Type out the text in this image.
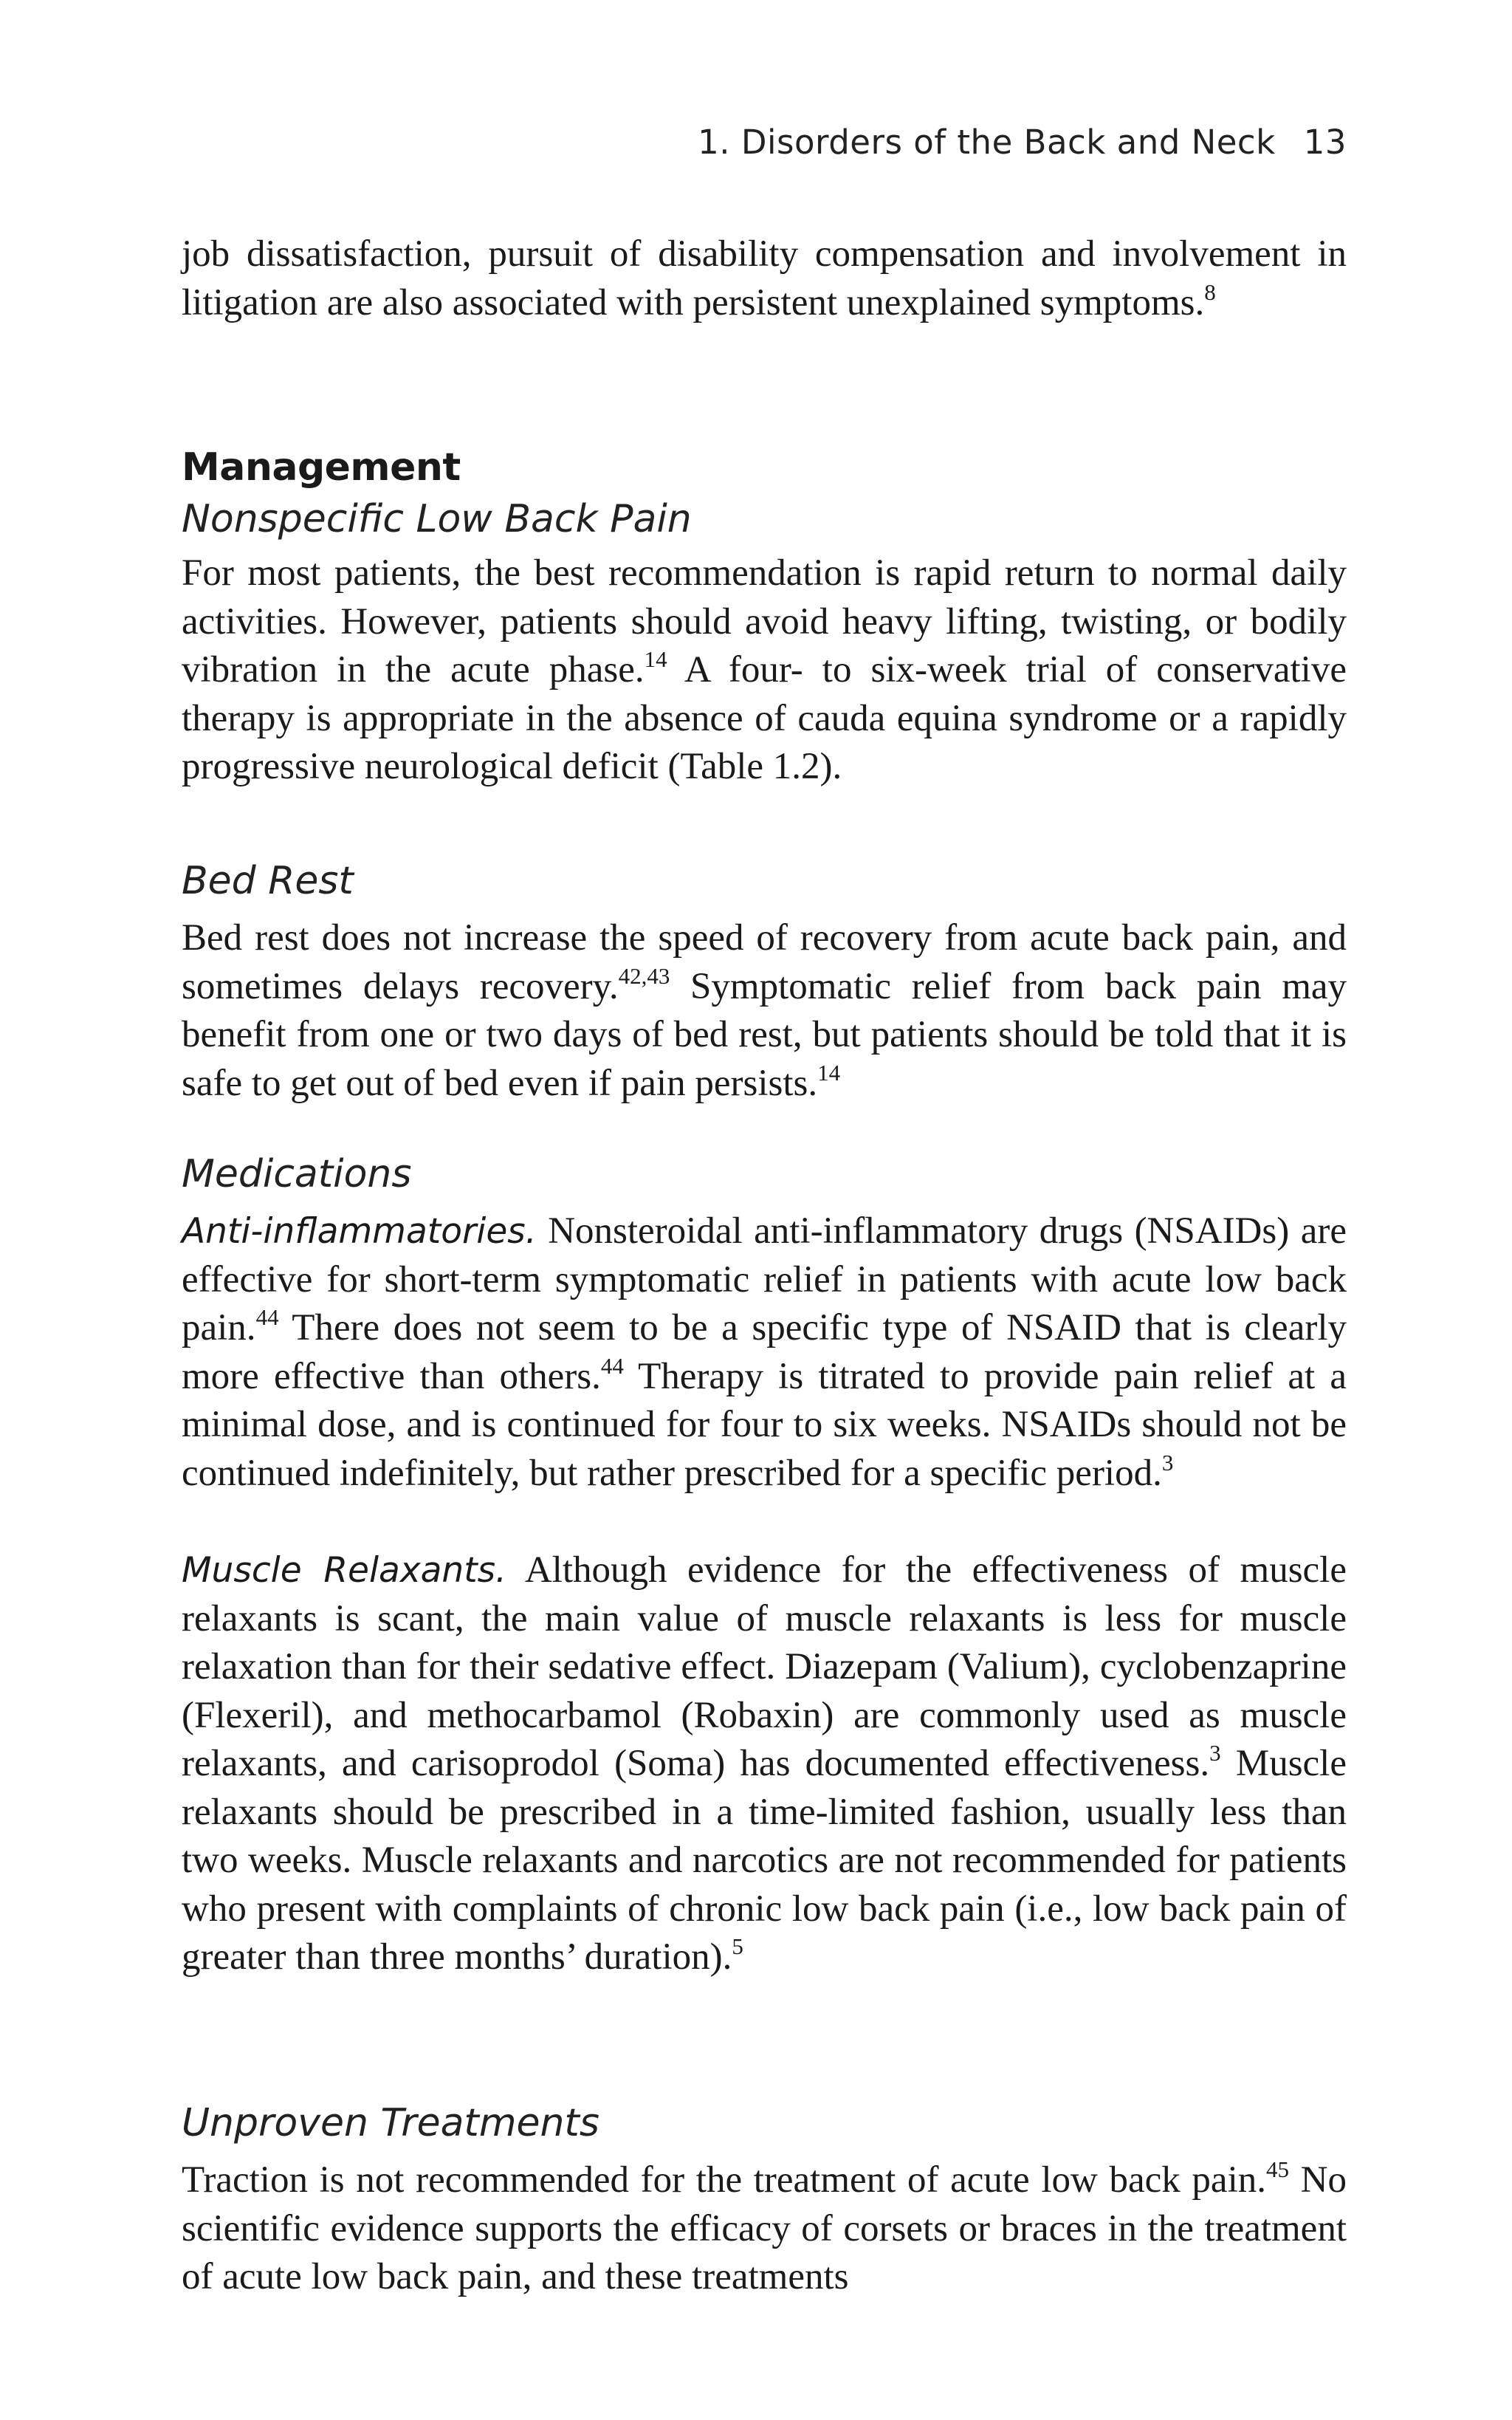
1. Disorders of the Back and Neck 13

job dissatisfaction, pursuit of disability compensation and involvement in litigation are also associated with persistent unexplained symptoms.$^8$

Management
Nonspecific Low Back Pain

For most patients, the best recommendation is rapid return to normal daily activities. However, patients should avoid heavy lifting, twisting, or bodily vibration in the acute phase.$^{14}$ A four- to six-week trial of conservative therapy is appropriate in the absence of cauda equina syndrome or a rapidly progressive neurological deficit (Table 1.2).

Bed Rest

Bed rest does not increase the speed of recovery from acute back pain, and sometimes delays recovery.$^{42,43}$ Symptomatic relief from back pain may benefit from one or two days of bed rest, but patients should be told that it is safe to get out of bed even if pain persists.$^{14}$

Medications

Anti-inflammatories. Nonsteroidal anti-inflammatory drugs (NSAIDs) are effective for short-term symptomatic relief in patients with acute low back pain.$^{44}$ There does not seem to be a specific type of NSAID that is clearly more effective than others.$^{44}$ Therapy is titrated to provide pain relief at a minimal dose, and is continued for four to six weeks. NSAIDs should not be continued indefinitely, but rather prescribed for a specific period.$^3$

Muscle Relaxants. Although evidence for the effectiveness of muscle relaxants is scant, the main value of muscle relaxants is less for muscle relaxation than for their sedative effect. Diazepam (Valium), cyclobenzaprine (Flexeril), and methocarbamol (Robaxin) are commonly used as muscle relaxants, and carisoprodol (Soma) has documented effectiveness.$^3$ Muscle relaxants should be prescribed in a time-limited fashion, usually less than two weeks. Muscle relaxants and narcotics are not recommended for patients who present with complaints of chronic low back pain (i.e., low back pain of greater than three months’ duration).$^5$

Unproven Treatments

Traction is not recommended for the treatment of acute low back pain.$^{45}$ No scientific evidence supports the efficacy of corsets or braces in the treatment of acute low back pain, and these treatments
